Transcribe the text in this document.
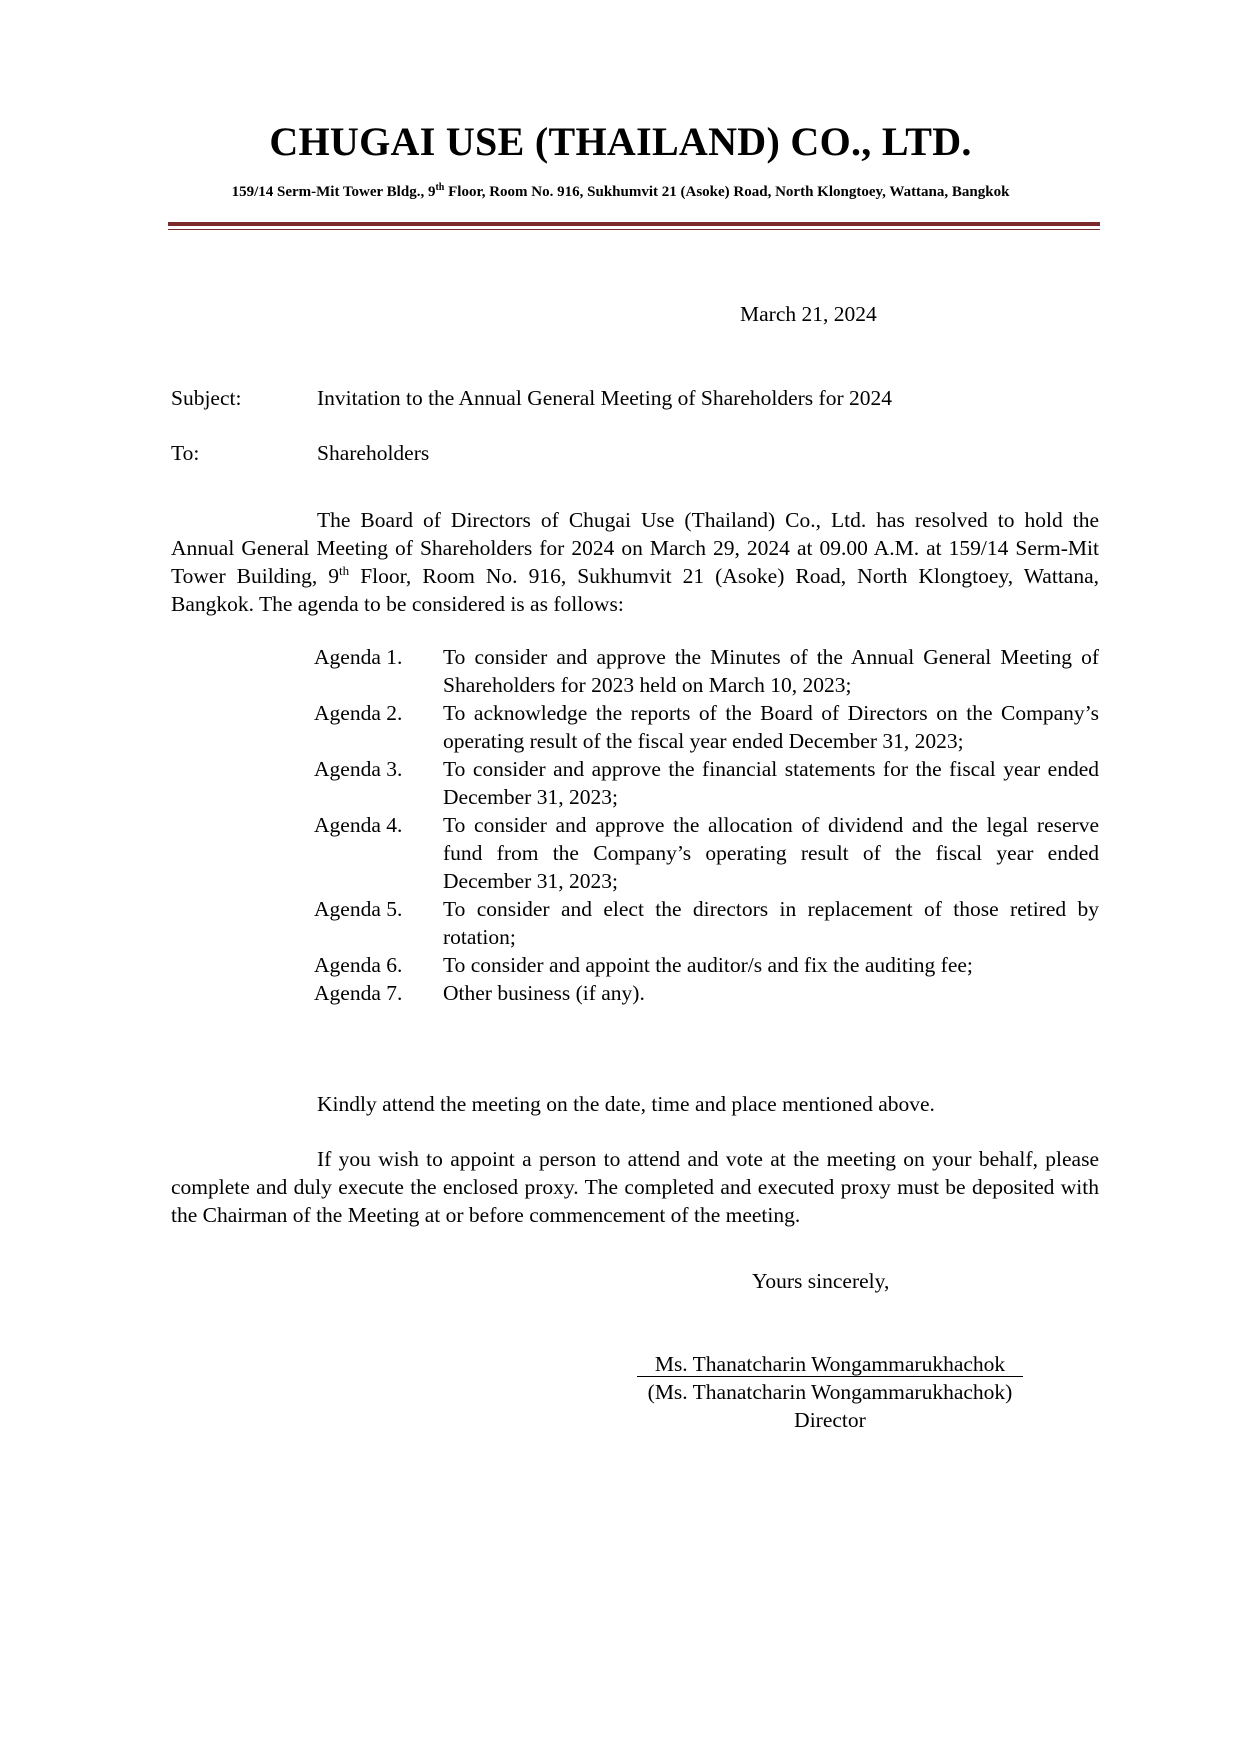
CHUGAI USE (THAILAND) CO., LTD.
159/14 Serm-Mit Tower Bldg., 9th Floor, Room No. 916, Sukhumvit 21 (Asoke) Road, North Klongtoey, Wattana, Bangkok
March 21, 2024
Subject:	Invitation to the Annual General Meeting of Shareholders for 2024
To:	Shareholders
The Board of Directors of Chugai Use (Thailand) Co., Ltd. has resolved to hold the Annual General Meeting of Shareholders for 2024 on March 29, 2024 at 09.00 A.M. at 159/14 Serm-Mit Tower Building, 9th Floor, Room No. 916, Sukhumvit 21 (Asoke) Road, North Klongtoey, Wattana, Bangkok. The agenda to be considered is as follows:
Agenda 1.	To consider and approve the Minutes of the Annual General Meeting of Shareholders for 2023 held on March 10, 2023;
Agenda 2.	To acknowledge the reports of the Board of Directors on the Company’s operating result of the fiscal year ended December 31, 2023;
Agenda 3.	To consider and approve the financial statements for the fiscal year ended December 31, 2023;
Agenda 4.	To consider and approve the allocation of dividend and the legal reserve fund from the Company’s operating result of the fiscal year ended December 31, 2023;
Agenda 5.	To consider and elect the directors in replacement of those retired by rotation;
Agenda 6.	To consider and appoint the auditor/s and fix the auditing fee;
Agenda 7.	Other business (if any).
Kindly attend the meeting on the date, time and place mentioned above.
If you wish to appoint a person to attend and vote at the meeting on your behalf, please complete and duly execute the enclosed proxy. The completed and executed proxy must be deposited with the Chairman of the Meeting at or before commencement of the meeting.
Yours sincerely,
Ms. Thanatcharin Wongammarukhachok
(Ms. Thanatcharin Wongammarukhachok)
Director
